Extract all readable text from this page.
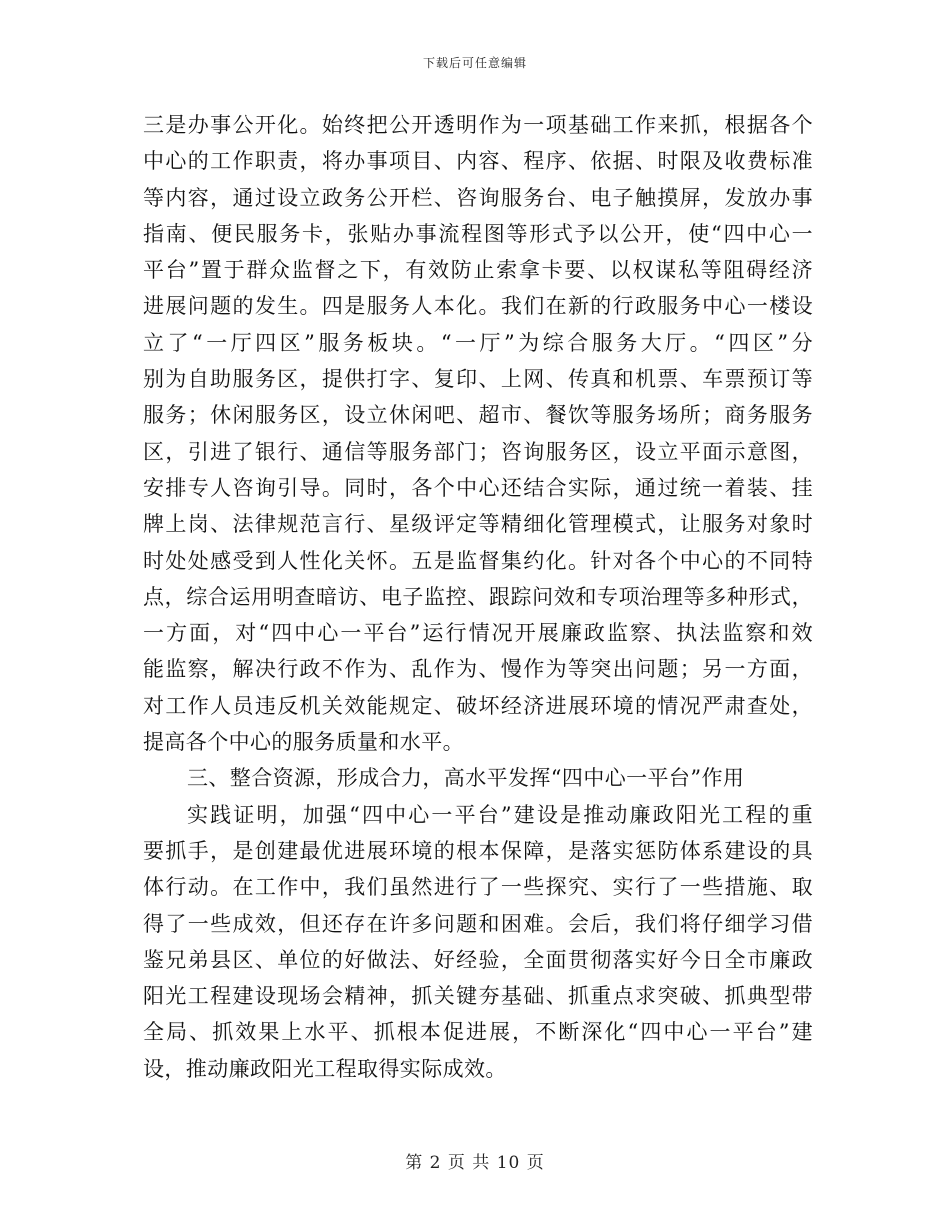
下载后可任意编辑
三是办事公开化。始终把公开透明作为一项基础工作来抓，根据各个
中心的工作职责，将办事项目、内容、程序、依据、时限及收费标准
等内容，通过设立政务公开栏、咨询服务台、电子触摸屏，发放办事
指南、便民服务卡，张贴办事流程图等形式予以公开，使“四中心一
平台”置于群众监督之下，有效防止索拿卡要、以权谋私等阻碍经济
进展问题的发生。四是服务人本化。我们在新的行政服务中心一楼设
立了“一厅四区”服务板块。“一厅”为综合服务大厅。“四区”分
别为自助服务区，提供打字、复印、上网、传真和机票、车票预订等
服务；休闲服务区，设立休闲吧、超市、餐饮等服务场所；商务服务
区，引进了银行、通信等服务部门；咨询服务区，设立平面示意图，
安排专人咨询引导。同时，各个中心还结合实际，通过统一着装、挂
牌上岗、法律规范言行、星级评定等精细化管理模式，让服务对象时
时处处感受到人性化关怀。五是监督集约化。针对各个中心的不同特
点，综合运用明查暗访、电子监控、跟踪问效和专项治理等多种形式，
一方面，对“四中心一平台”运行情况开展廉政监察、执法监察和效
能监察，解决行政不作为、乱作为、慢作为等突出问题；另一方面，
对工作人员违反机关效能规定、破坏经济进展环境的情况严肃查处，
提高各个中心的服务质量和水平。
三、整合资源，形成合力，高水平发挥“四中心一平台”作用
实践证明，加强“四中心一平台”建设是推动廉政阳光工程的重
要抓手，是创建最优进展环境的根本保障，是落实惩防体系建设的具
体行动。在工作中，我们虽然进行了一些探究、实行了一些措施、取
得了一些成效，但还存在许多问题和困难。会后，我们将仔细学习借
鉴兄弟县区、单位的好做法、好经验，全面贯彻落实好今日全市廉政
阳光工程建设现场会精神，抓关键夯基础、抓重点求突破、抓典型带
全局、抓效果上水平、抓根本促进展，不断深化“四中心一平台”建
设，推动廉政阳光工程取得实际成效。
第 2 页 共 10 页
